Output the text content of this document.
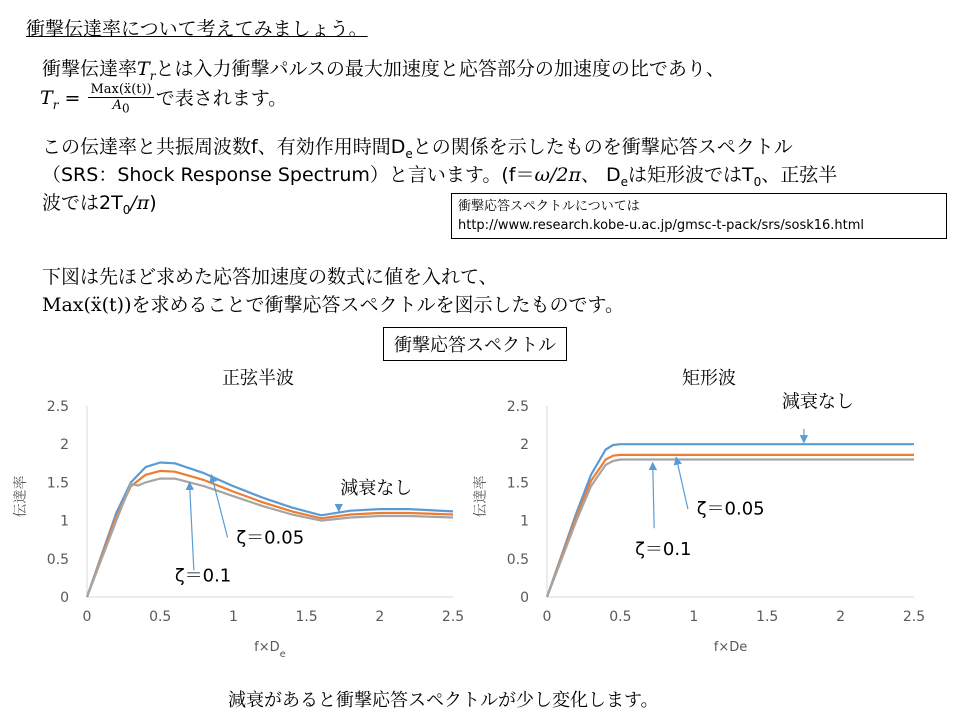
衝撃伝達率について考えてみましょう。
衝撃伝達率$T_r$とは入力衝撃パルスの最大加速度と応答部分の加速度の比であり、
$T_r = \frac{\text{Max(ẍ(t))}}{A0}$ で表されます。
この伝達率と共振周波数f、有効作用時間$D_e$との関係を示したものを衝撃応答スペクトル
（SRS：Shock Response Spectrum）と言います。(f＝ω/2π、 $D_e$は矩形波では$T_0$、正弦半
波では$2T_0/\pi$)	衝撃応答スペクトルについては
http://www.research.kobe-u.ac.jp/gmsc-t-pack/srs/sosk16.html
下図は先ほど求めた応答加速度の数式に値を入れて、
Max(ẍ(t))を求めることで衝撃応答スペクトルを図示したものです。
衝撃応答スペクトル
正弦半波	矩形波
0
0.5
1
1.5
2
2.5
0	0.5	1	1.5	2	2.5
伝達率
$f\times D_e$
減衰なし
ζ＝0.05
ζ＝0.1
0
0.5
1
1.5
2
2.5
0	0.5	1	1.5	2	2.5
伝達率
f×De
減衰なし
ζ＝0.05
ζ＝0.1
減衰があると衝撃応答スペクトルが少し変化します。
